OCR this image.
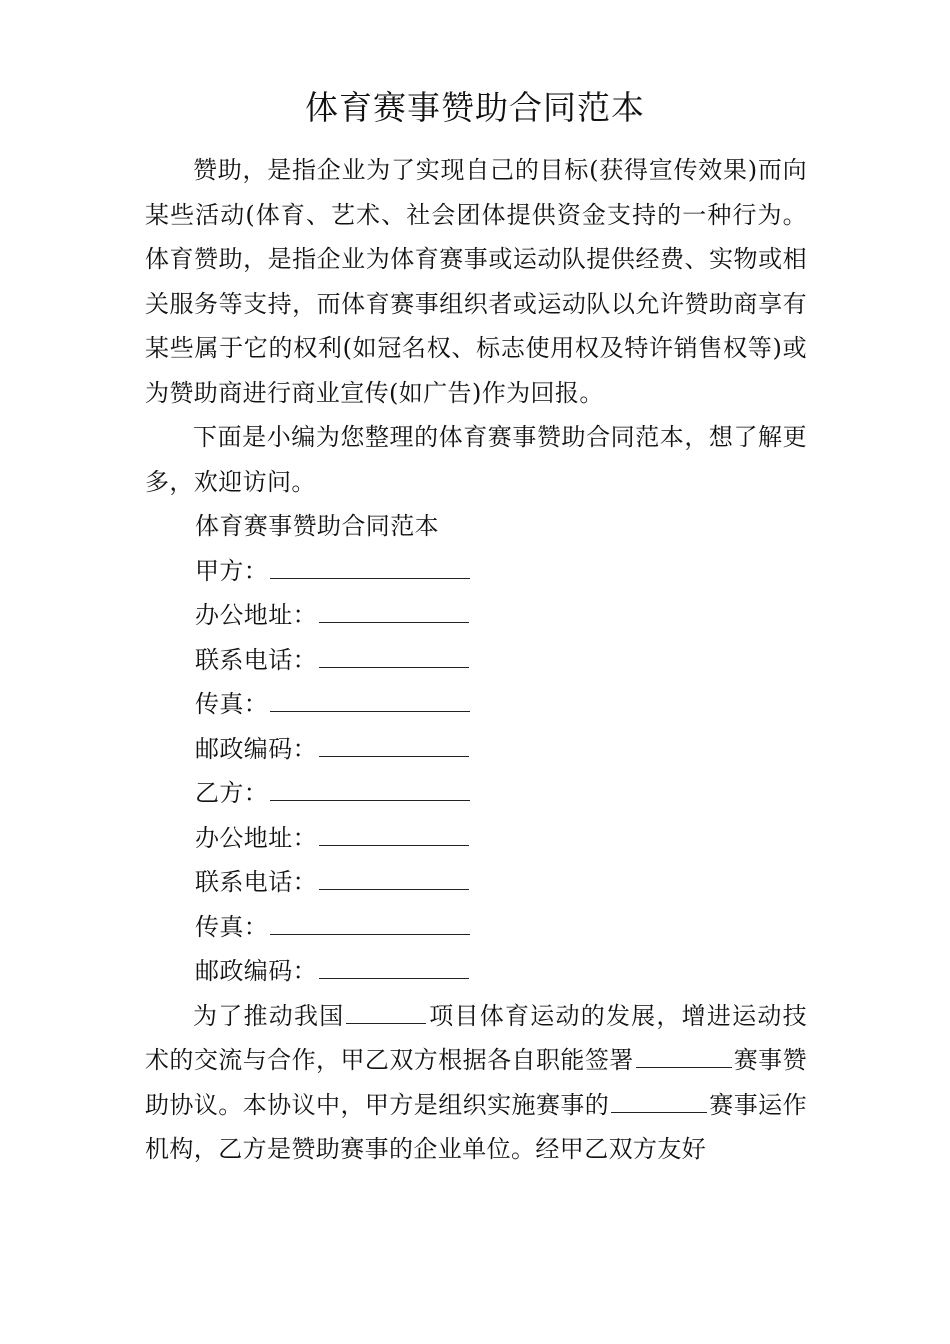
体育赛事赞助合同范本

赞助，是指企业为了实现自己的目标(获得宣传效果)而向某些活动(体育、艺术、社会团体提供资金支持的一种行为。体育赞助，是指企业为体育赛事或运动队提供经费、实物或相关服务等支持，而体育赛事组织者或运动队以允许赞助商享有某些属于它的权利(如冠名权、标志使用权及特许销售权等)或为赞助商进行商业宣传(如广告)作为回报。

下面是小编为您整理的体育赛事赞助合同范本，想了解更多，欢迎访问。

体育赛事赞助合同范本

甲方：

办公地址：

联系电话：

传真：

邮政编码：

乙方：

办公地址：

联系电话：

传真：

邮政编码：

为了推动我国	项目体育运动的发展，增进运动技术的交流与合作，甲乙双方根据各自职能签署	赛事赞助协议。本协议中，甲方是组织实施赛事的	赛事运作机构，乙方是赞助赛事的企业单位。经甲乙双方友好
